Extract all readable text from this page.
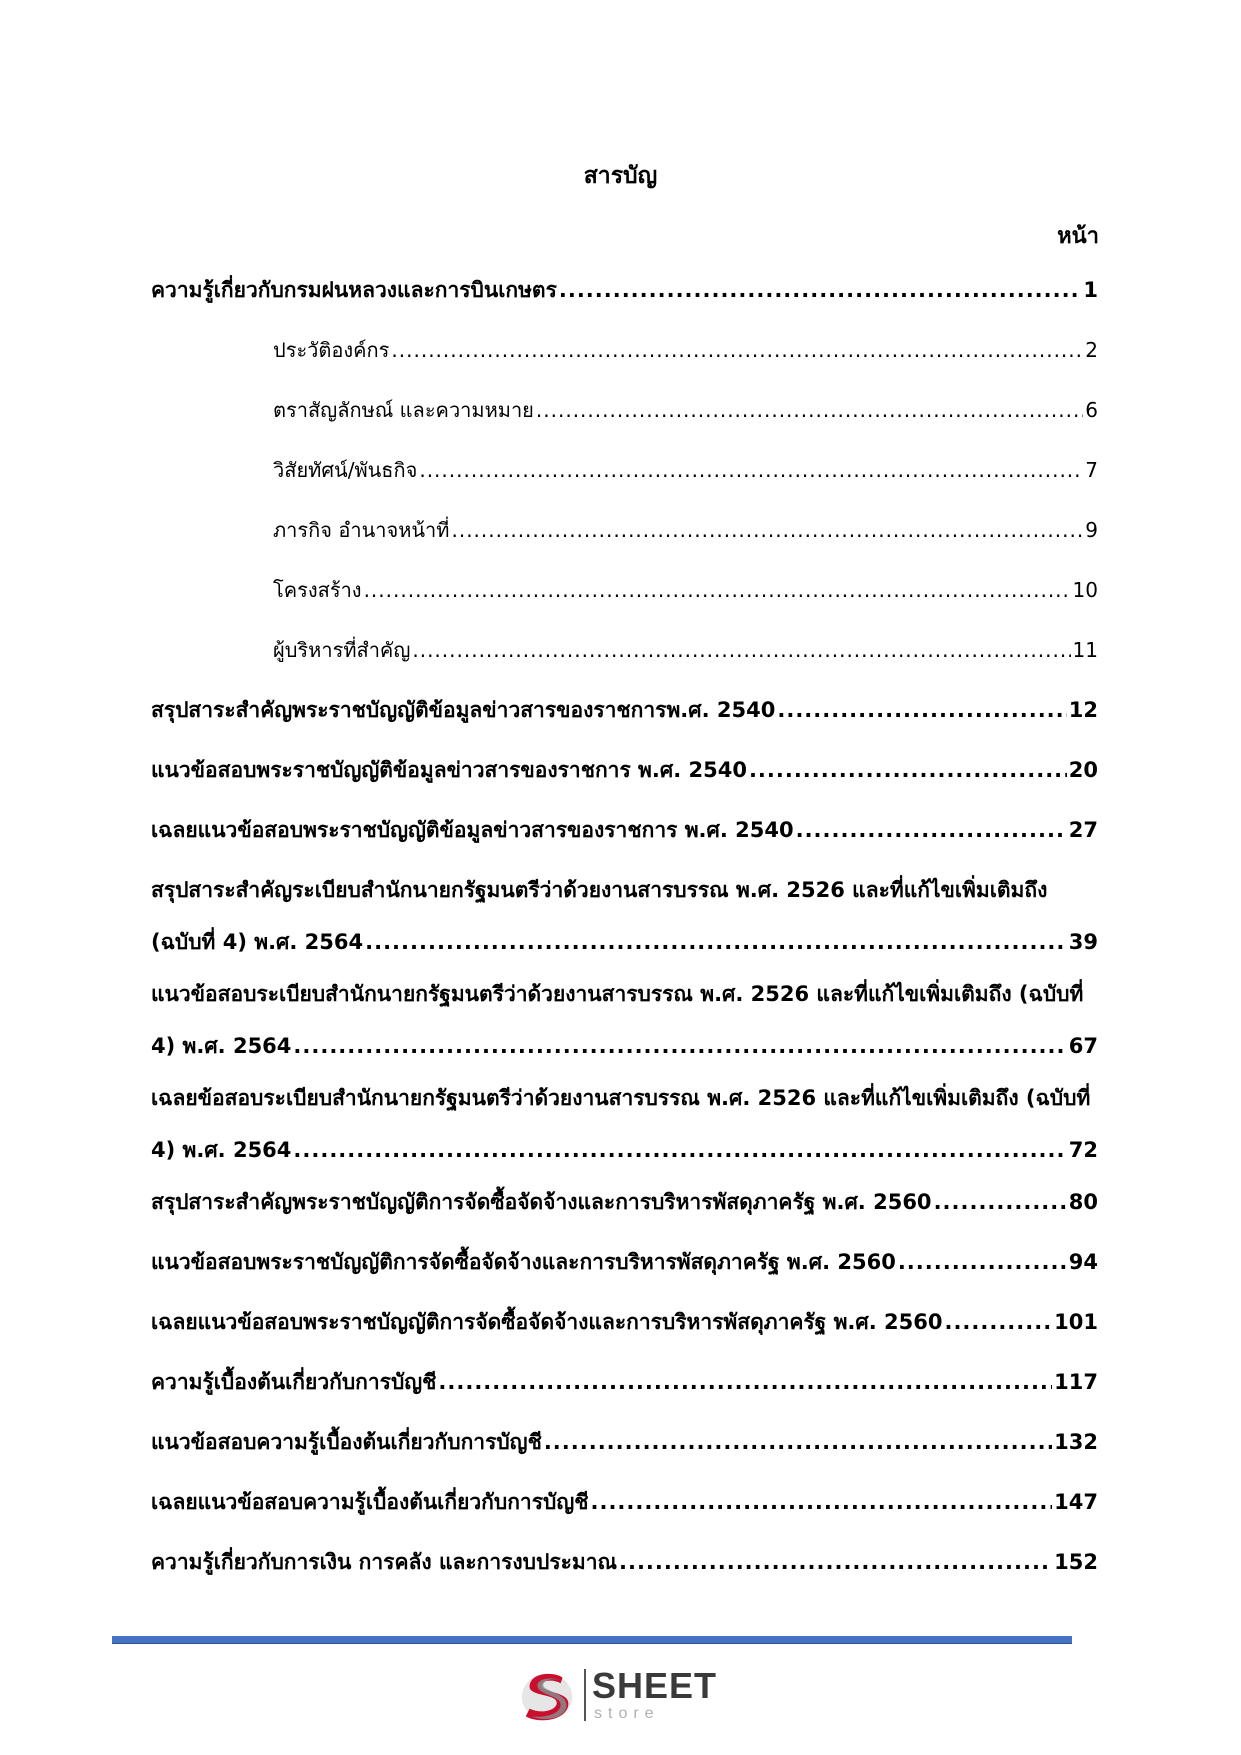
สารบัญ
หน้า
ความรู้เกี่ยวกับกรมฝนหลวงและการบินเกษตร .....	1
ประวัติองค์กร .....	2
ตราสัญลักษณ์ และความหมาย .....	6
วิสัยทัศน์/พันธกิจ .....	7
ภารกิจ อำนาจหน้าที่ .....	9
โครงสร้าง .....	10
ผู้บริหารที่สำคัญ .....	11
สรุปสาระสำคัญพระราชบัญญัติข้อมูลข่าวสารของราชการพ.ศ. 2540 .....	12
แนวข้อสอบพระราชบัญญัติข้อมูลข่าวสารของราชการ พ.ศ. 2540 .....	20
เฉลยแนวข้อสอบพระราชบัญญัติข้อมูลข่าวสารของราชการ พ.ศ. 2540 .....	27
สรุปสาระสำคัญระเบียบสำนักนายกรัฐมนตรีว่าด้วยงานสารบรรณ พ.ศ. 2526 และที่แก้ไขเพิ่มเติมถึง
(ฉบับที่ 4) พ.ศ. 2564 .....	39
แนวข้อสอบระเบียบสำนักนายกรัฐมนตรีว่าด้วยงานสารบรรณ พ.ศ. 2526 และที่แก้ไขเพิ่มเติมถึง (ฉบับที่
4) พ.ศ. 2564 .....	67
เฉลยข้อสอบระเบียบสำนักนายกรัฐมนตรีว่าด้วยงานสารบรรณ พ.ศ. 2526 และที่แก้ไขเพิ่มเติมถึง (ฉบับที่
4) พ.ศ. 2564 .....	72
สรุปสาระสำคัญพระราชบัญญัติการจัดซื้อจัดจ้างและการบริหารพัสดุภาครัฐ พ.ศ. 2560 .....	80
แนวข้อสอบพระราชบัญญัติการจัดซื้อจัดจ้างและการบริหารพัสดุภาครัฐ พ.ศ. 2560 .....	94
เฉลยแนวข้อสอบพระราชบัญญัติการจัดซื้อจัดจ้างและการบริหารพัสดุภาครัฐ พ.ศ. 2560 .....	101
ความรู้เบื้องต้นเกี่ยวกับการบัญชี .....	117
แนวข้อสอบความรู้เบื้องต้นเกี่ยวกับการบัญชี .....	132
เฉลยแนวข้อสอบความรู้เบื้องต้นเกี่ยวกับการบัญชี .....	147
ความรู้เกี่ยวกับการเงิน การคลัง และการงบประมาณ .....	152
SHEET
store
